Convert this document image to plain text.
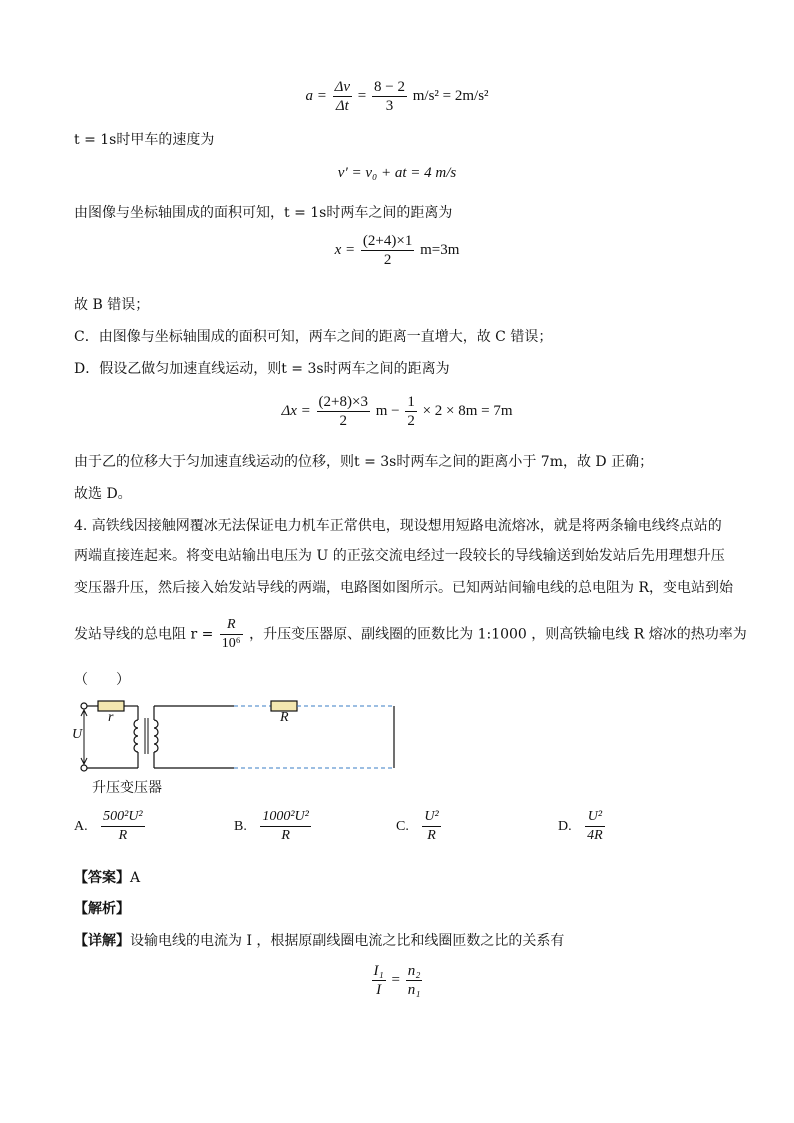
$a = \frac{\Delta v}{\Delta t} = \frac{8 - 2}{3} m/s^2 = 2m/s^2$
t = 1s时甲车的速度为
v′ = v₀ + at = 4 m/s
由图像与坐标轴围成的面积可知，t = 1s时两车之间的距离为
$x = \frac{(2+4)\times 1}{2} m=3m$
故 B 错误；
C．由图像与坐标轴围成的面积可知，两车之间的距离一直增大，故 C 错误；
D．假设乙做匀加速直线运动，则t = 3s时两车之间的距离为
$\Delta x = \frac{(2+8)\times 3}{2}$ $m - \frac{1}{2} \times 2 \times 8m = 7m$
由于乙的位移大于匀加速直线运动的位移，则t = 3s时两车之间的距离小于 7m，故 D 正确；
故选 D。
4. 高铁线因接触网覆冰无法保证电力机车正常供电，现设想用短路电流熔冰，就是将两条输电线终点站的
两端直接连起来。将变电站输出电压为 U 的正弦交流电经过一段较长的导线输送到始发站后先用理想升压
变压器升压，然后接入始发站导线的两端，电路图如图所示。已知两站间输电线的总电阻为 R，变电站到始
发站导线的总电阻 $r = \frac{R}{\text{10⁶}}$ ，升压变压器原、副线圈的匝数比为 1:1000 ，则高铁输电线 R 熔冰的热功率为
（　　）
r	R
U
升压变压器
A. $\frac{\text{500²U²}}{R}$	B. $\frac{\text{1000²U²}}{R}$	C. $\frac{\text{U²}}{R}$	D. $\frac{\text{U²}}{4R}$
【答案】A
【解析】
【详解】设输电线的电流为 I ，根据原副线圈电流之比和线圈匝数之比的关系有
$\frac{\text{I₁}}{I} = \frac{\text{n₂}}{\text{n₁}}$
